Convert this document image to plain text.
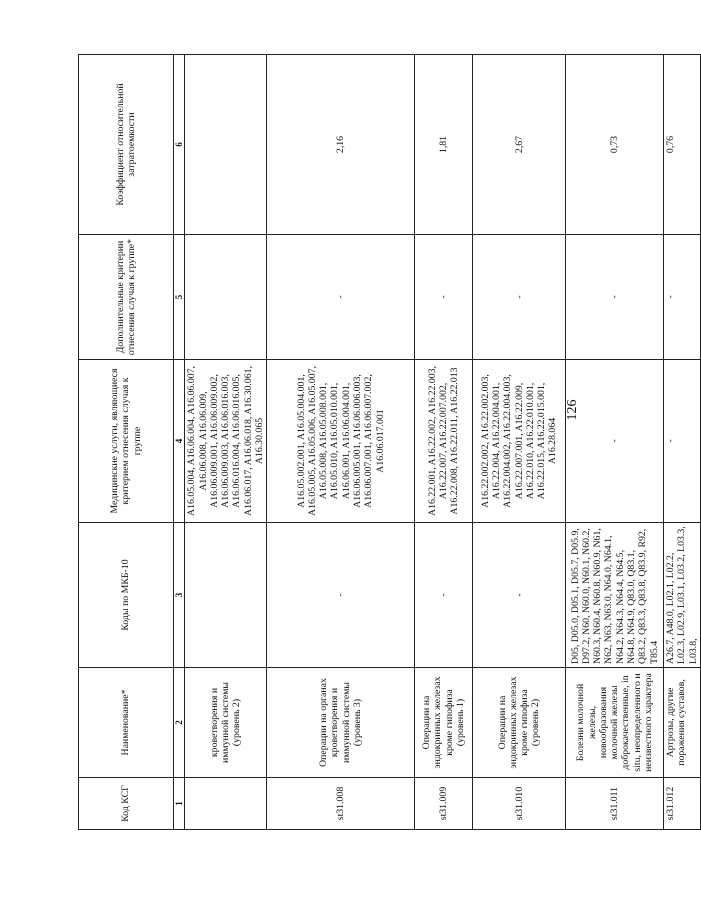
126
Код КСГ	Наименование*	Коды по МКБ-10	Медицинские услуги, являющиеся критерием отнесения случая к группе	Дополнительные критерии отнесения случая к группе*	Коэффициент относительной затратоемкости
1	2	3	4	5	6
	кроветворения и иммунной системы (уровень 2)		A16.05.004, A16.06.004, A16.06.007, A16.06.008, A16.06.009, A16.06.009.001, A16.06.009.002, A16.06.009.003, A16.06.016.003, A16.06.016.004, A16.06.016.005, A16.06.017, A16.06.018, A16.30.061, A16.30.065		
st31.008	Операции на органах кроветворения и иммунной системы (уровень 3)	-	A16.05.002.001, A16.05.004.001, A16.05.005, A16.05.006, A16.05.007, A16.05.008, A16.05.008.001, A16.05.010, A16.05.010.001, A16.06.001, A16.06.004.001, A16.06.005.001, A16.06.006.003, A16.06.007.001, A16.06.007.002, A16.06.017.001	-	2,16
st31.009	Операции на эндокринных железах кроме гипофиза (уровень 1)	-	A16.22.001, A16.22.002, A16.22.003, A16.22.007, A16.22.007.002, A16.22.008, A16.22.011, A16.22.013	-	1,81
st31.010	Операции на эндокринных железах кроме гипофиза (уровень 2)	-	A16.22.002.002, A16.22.002.003, A16.22.004, A16.22.004.001, A16.22.004.002, A16.22.004.003, A16.22.007.001, A16.22.009, A16.22.010, A16.22.010.001, A16.22.015, A16.22.015.001, A16.28.064	-	2,67
st31.011	Болезни молочной железы, новообразования молочной железы доброкачественные, in situ, неопределенного и неизвестного характера	D05, D05.0, D05.1, D05.7, D05.9, D97.2, N60, N60.0, N60.1, N60.2, N60.3, N60.4, N60.8, N60.9, N61, N62, N63, N63.0, N64.0, N64.1, N64.2, N64.3, N64.4, N64.5, N64.8, N64.9, Q83.0, Q83.1, Q83.2, Q83.3, Q83.8, Q83.9, R92, T85.4	-	-	0,73
st31.012	Артрозы, другие поражения суставов,	A26.7, A48.0, L02.1, L02.2, L02.3, L02.9, L03.1, L03.2, L03.3, L03.8,	-	-	0,76
